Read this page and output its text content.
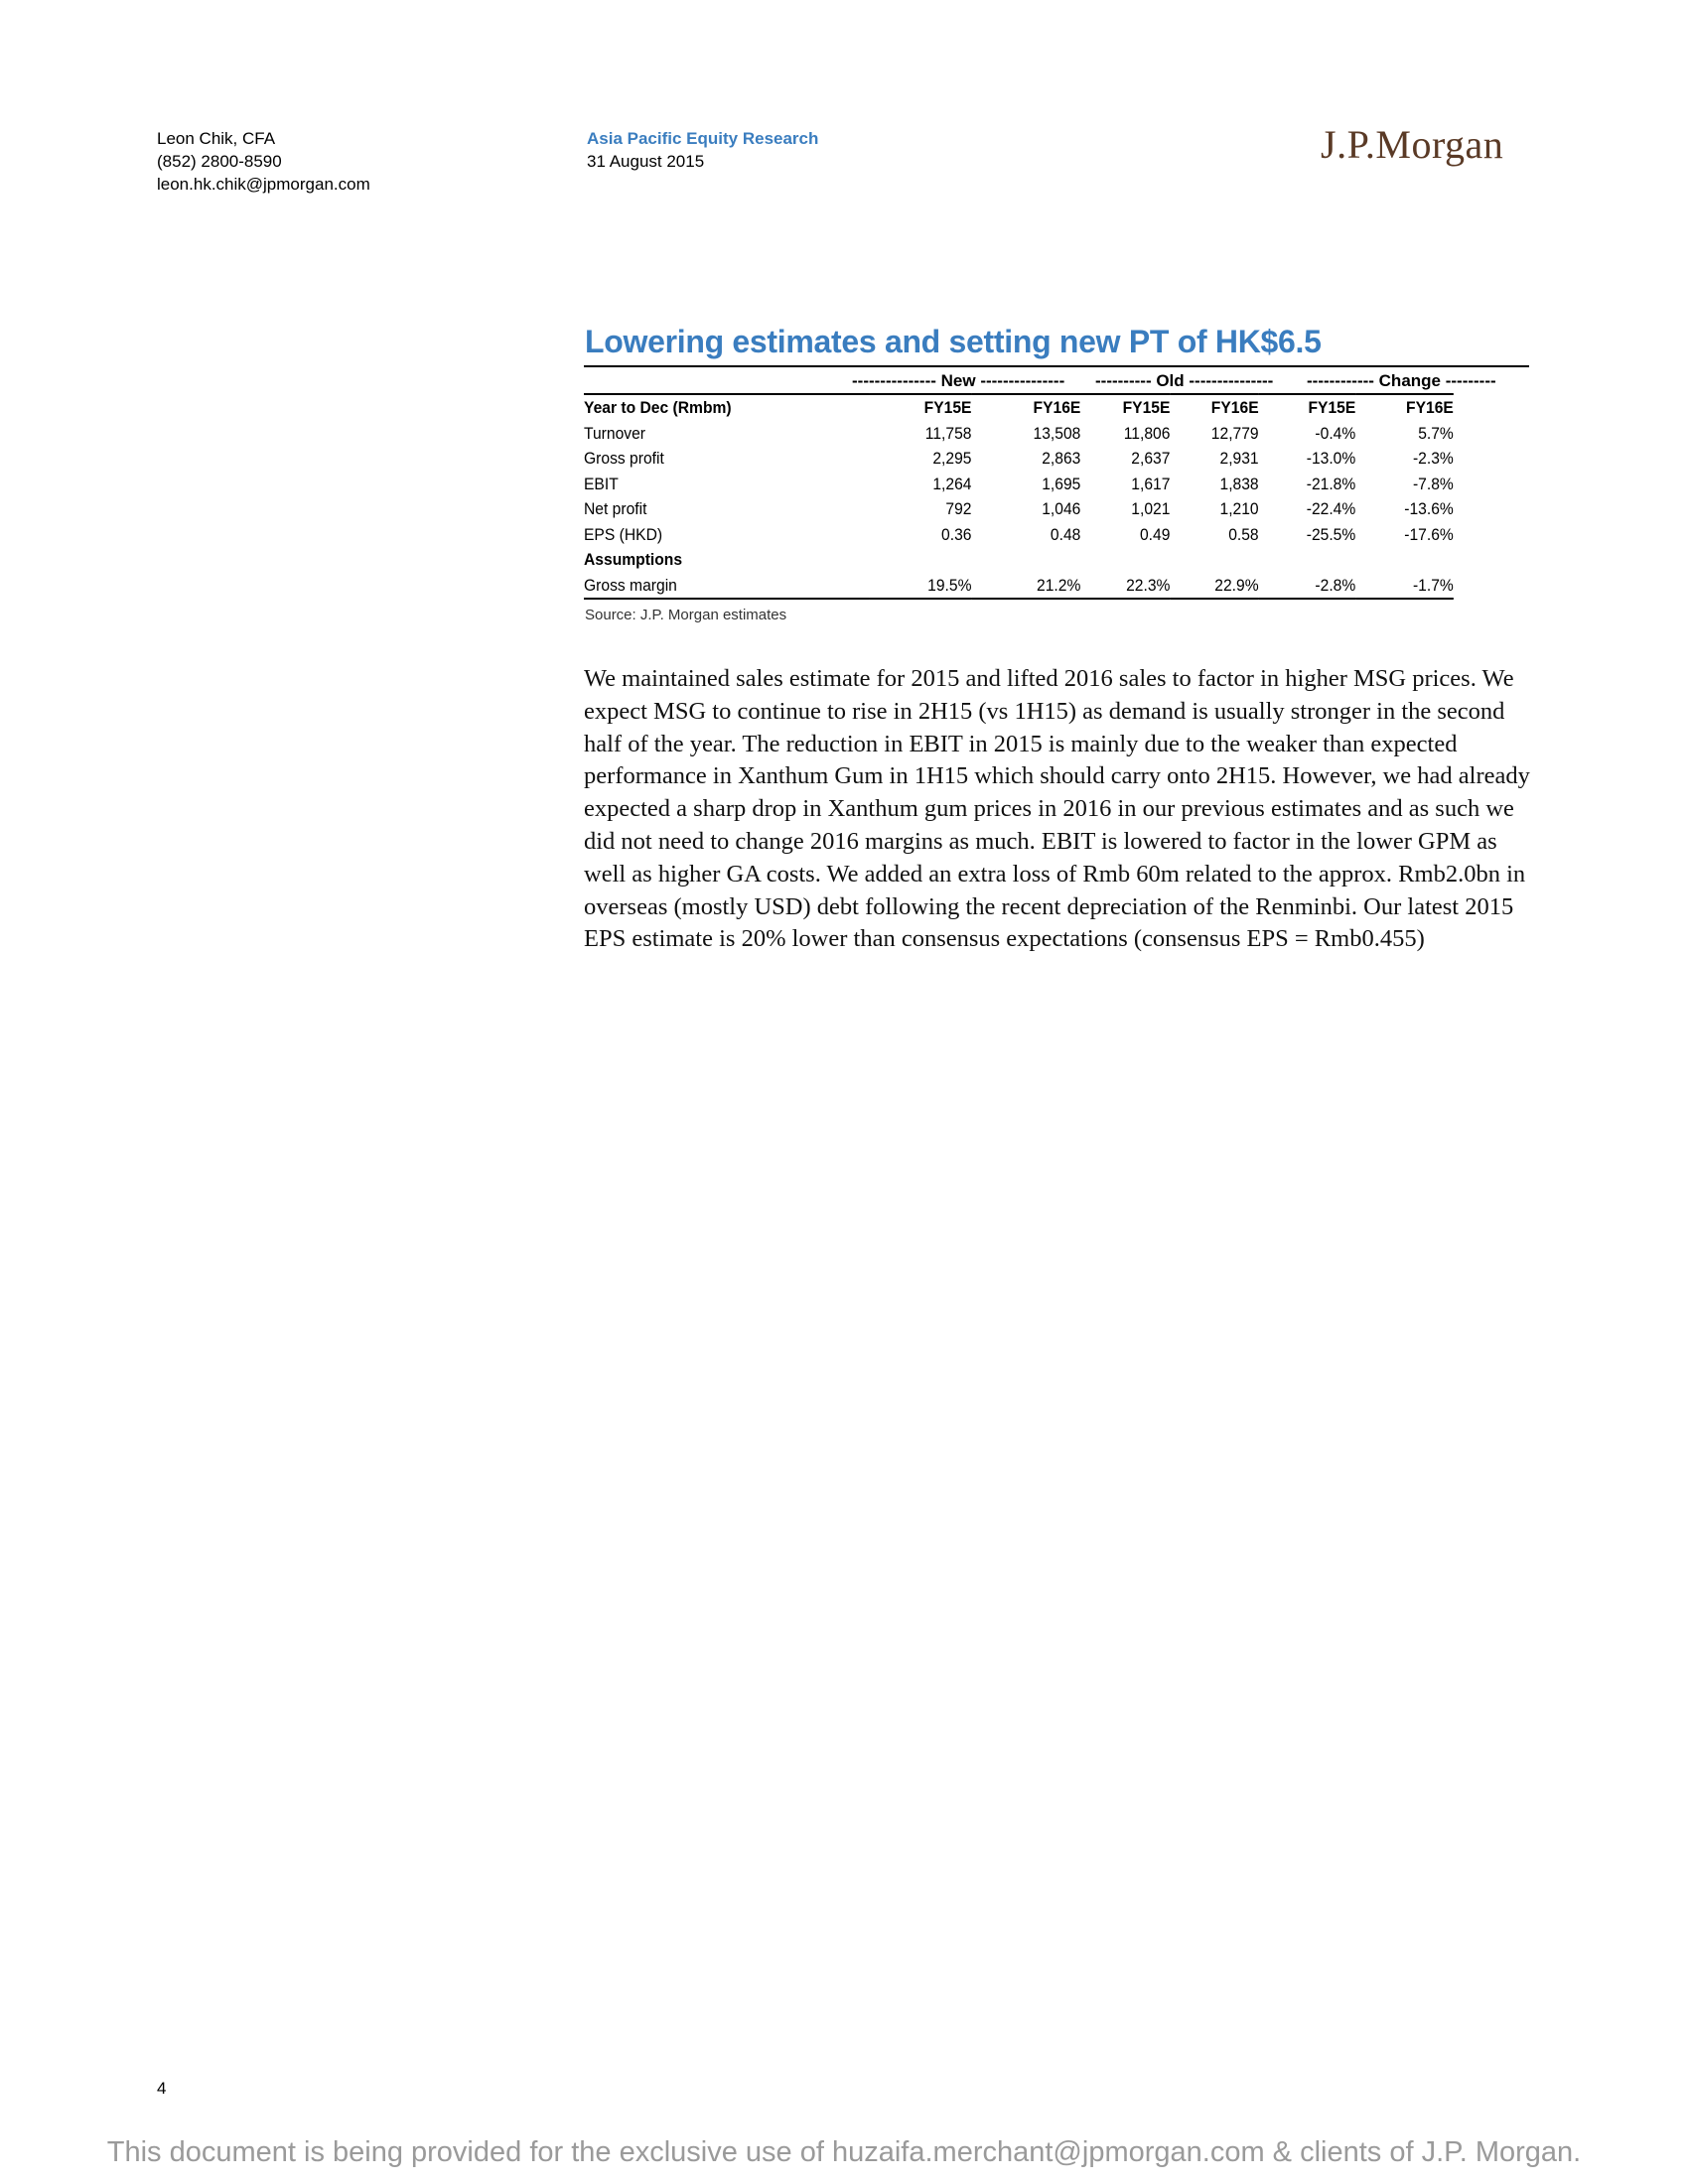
Leon Chik, CFA
(852) 2800-8590
leon.hk.chik@jpmorgan.com
Asia Pacific Equity Research
31 August 2015	J.P.Morgan
Lowering estimates and setting new PT of HK$6.5
--------------- New --------------- ---------- Old --------------- ------------ Change ---------
Year to Dec (Rmbm)	FY15E	FY16E	FY15E	FY16E	FY15E	FY16E
Turnover	11,758	13,508	11,806	12,779	-0.4%	5.7%
Gross profit	2,295	2,863	2,637	2,931	-13.0%	-2.3%
EBIT	1,264	1,695	1,617	1,838	-21.8%	-7.8%
Net profit	792	1,046	1,021	1,210	-22.4%	-13.6%
EPS (HKD)	0.36	0.48	0.49	0.58	-25.5%	-17.6%
Assumptions						
Gross margin	19.5%	21.2%	22.3%	22.9%	-2.8%	-1.7%
Source: J.P. Morgan estimates
We maintained sales estimate for 2015 and lifted 2016 sales to factor in higher MSG prices. We expect MSG to continue to rise in 2H15 (vs 1H15) as demand is usually stronger in the second half of the year. The reduction in EBIT in 2015 is mainly due to the weaker than expected performance in Xanthum Gum in 1H15 which should carry onto 2H15. However, we had already expected a sharp drop in Xanthum gum prices in 2016 in our previous estimates and as such we did not need to change 2016 margins as much. EBIT is lowered to factor in the lower GPM as well as higher GA costs. We added an extra loss of Rmb 60m related to the approx. Rmb2.0bn in overseas (mostly USD) debt following the recent depreciation of the Renminbi. Our latest 2015 EPS estimate is 20% lower than consensus expectations (consensus EPS = Rmb0.455)
4
This document is being provided for the exclusive use of huzaifa.merchant@jpmorgan.com & clients of J.P. Morgan.
